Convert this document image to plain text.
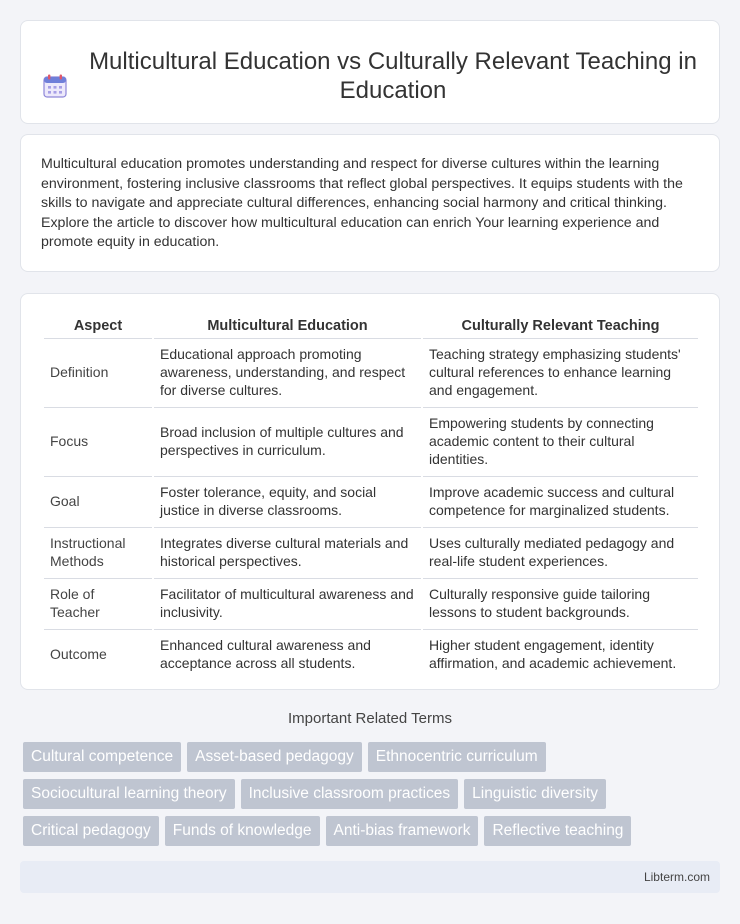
Multicultural Education vs Culturally Relevant Teaching in Education

Multicultural education promotes understanding and respect for diverse cultures within the learning environment, fostering inclusive classrooms that reflect global perspectives. It equips students with the skills to navigate and appreciate cultural differences, enhancing social harmony and critical thinking. Explore the article to discover how multicultural education can enrich Your learning experience and promote equity in education.

Aspect	Multicultural Education	Culturally Relevant Teaching
Definition	Educational approach promoting awareness, understanding, and respect for diverse cultures.	Teaching strategy emphasizing students' cultural references to enhance learning and engagement.
Focus	Broad inclusion of multiple cultures and perspectives in curriculum.	Empowering students by connecting academic content to their cultural identities.
Goal	Foster tolerance, equity, and social justice in diverse classrooms.	Improve academic success and cultural competence for marginalized students.
Instructional Methods	Integrates diverse cultural materials and historical perspectives.	Uses culturally mediated pedagogy and real-life student experiences.
Role of Teacher	Facilitator of multicultural awareness and inclusivity.	Culturally responsive guide tailoring lessons to student backgrounds.
Outcome	Enhanced cultural awareness and acceptance across all students.	Higher student engagement, identity affirmation, and academic achievement.
Important Related Terms
Cultural competence	Asset-based pedagogy	Ethnocentric curriculum
Sociocultural learning theory	Inclusive classroom practices	Linguistic diversity
Critical pedagogy	Funds of knowledge	Anti-bias framework	Reflective teaching
Libterm.com
